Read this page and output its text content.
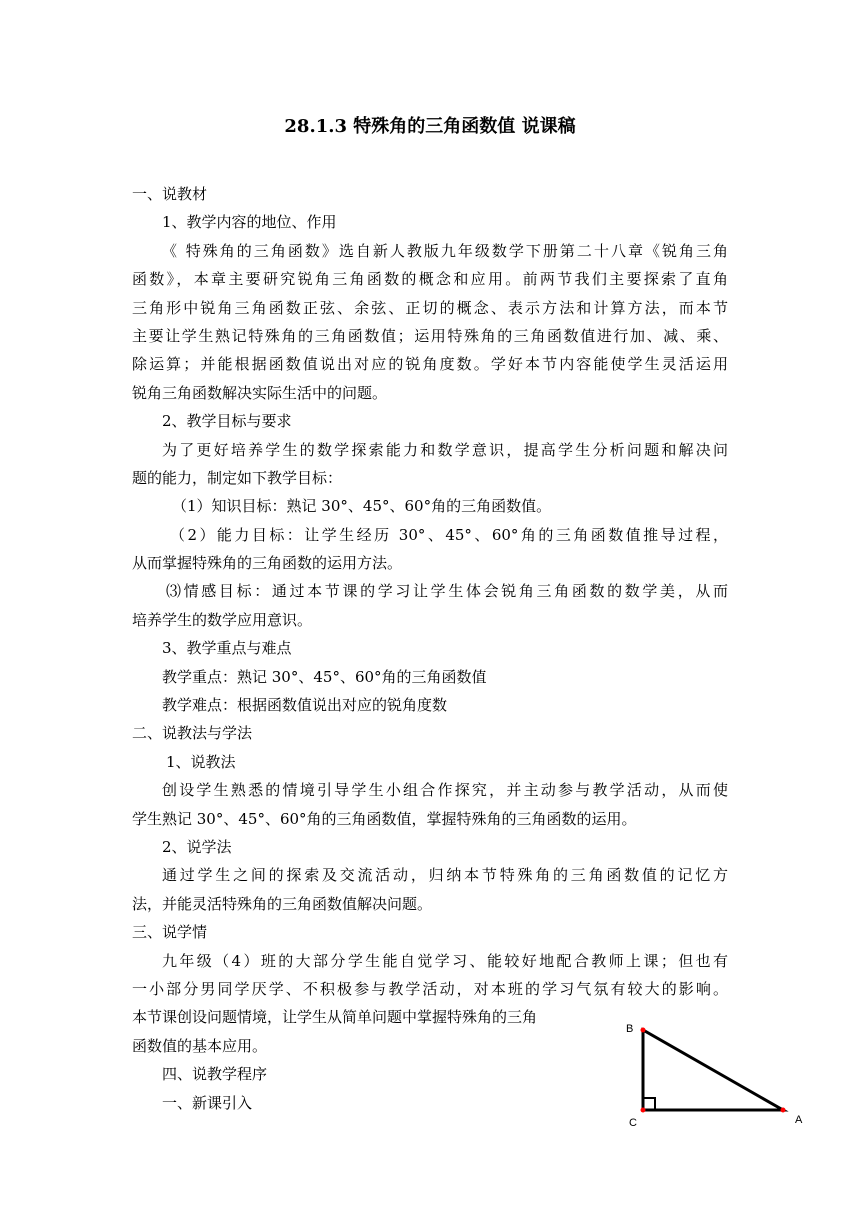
28.1.3 特殊角的三角函数值 说课稿
一、说教材
1、教学内容的地位、作用
《 特殊角的三角函数》选自新人教版九年级数学下册第二十八章《锐角三角
函数》，本章主要研究锐角三角函数的概念和应用。前两节我们主要探索了直角
三角形中锐角三角函数正弦、余弦、正切的概念、表示方法和计算方法，而本节
主要让学生熟记特殊角的三角函数值；运用特殊角的三角函数值进行加、减、乘、
除运算；并能根据函数值说出对应的锐角度数。学好本节内容能使学生灵活运用
锐角三角函数解决实际生活中的问题。
2、教学目标与要求
为了更好培养学生的数学探索能力和数学意识，提高学生分析问题和解决问
题的能力，制定如下教学目标：
（1）知识目标：熟记 30°、45°、60°角的三角函数值。
（2）能力目标：让学生经历 30°、45°、60°角的三角函数值推导过程，
从而掌握特殊角的三角函数的运用方法。
⑶情感目标：通过本节课的学习让学生体会锐角三角函数的数学美，从而
培养学生的数学应用意识。
3、教学重点与难点
教学重点：熟记 30°、45°、60°角的三角函数值
教学难点：根据函数值说出对应的锐角度数
二、说教法与学法
1、说教法
创设学生熟悉的情境引导学生小组合作探究，并主动参与教学活动，从而使
学生熟记 30°、45°、60°角的三角函数值，掌握特殊角的三角函数的运用。
2、说学法
通过学生之间的探索及交流活动，归纳本节特殊角的三角函数值的记忆方
法，并能灵活特殊角的三角函数值解决问题。
三、说学情
九年级（4）班的大部分学生能自觉学习、能较好地配合教师上课；但也有
一小部分男同学厌学、不积极参与教学活动，对本班的学习气氛有较大的影响。
本节课创设问题情境，让学生从简单问题中掌握特殊角的三角
函数值的基本应用。
四、说教学程序
一、新课引入
B
C	A
